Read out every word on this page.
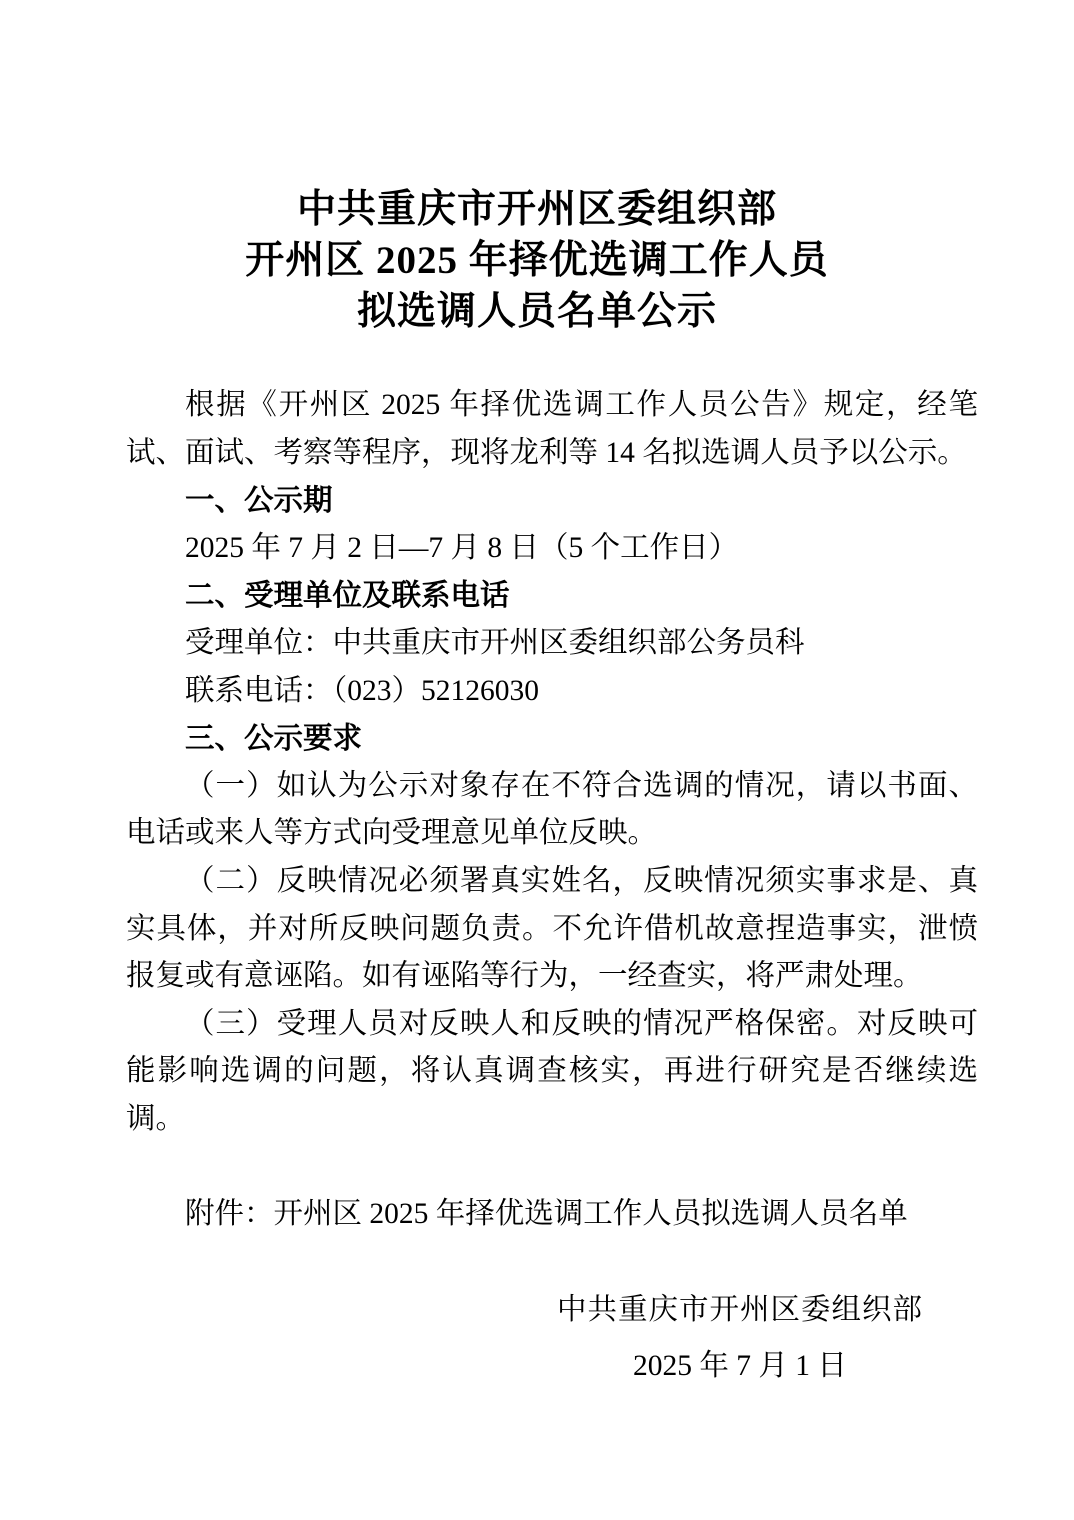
中共重庆市开州区委组织部
开州区 2025 年择优选调工作人员
拟选调人员名单公示

根据《开州区 2025 年择优选调工作人员公告》规定，经笔试、面试、考察等程序，现将龙利等 14 名拟选调人员予以公示。

一、公示期

2025 年 7 月 2 日—7 月 8 日（5 个工作日）

二、受理单位及联系电话

受理单位：中共重庆市开州区委组织部公务员科

联系电话：（023）52126030

三、公示要求

（一）如认为公示对象存在不符合选调的情况，请以书面、电话或来人等方式向受理意见单位反映。

（二）反映情况必须署真实姓名，反映情况须实事求是、真实具体，并对所反映问题负责。不允许借机故意捏造事实，泄愤报复或有意诬陷。如有诬陷等行为，一经查实，将严肃处理。

（三）受理人员对反映人和反映的情况严格保密。对反映可能影响选调的问题，将认真调查核实，再进行研究是否继续选调。

附件：开州区 2025 年择优选调工作人员拟选调人员名单

中共重庆市开州区委组织部

2025 年 7 月 1 日
